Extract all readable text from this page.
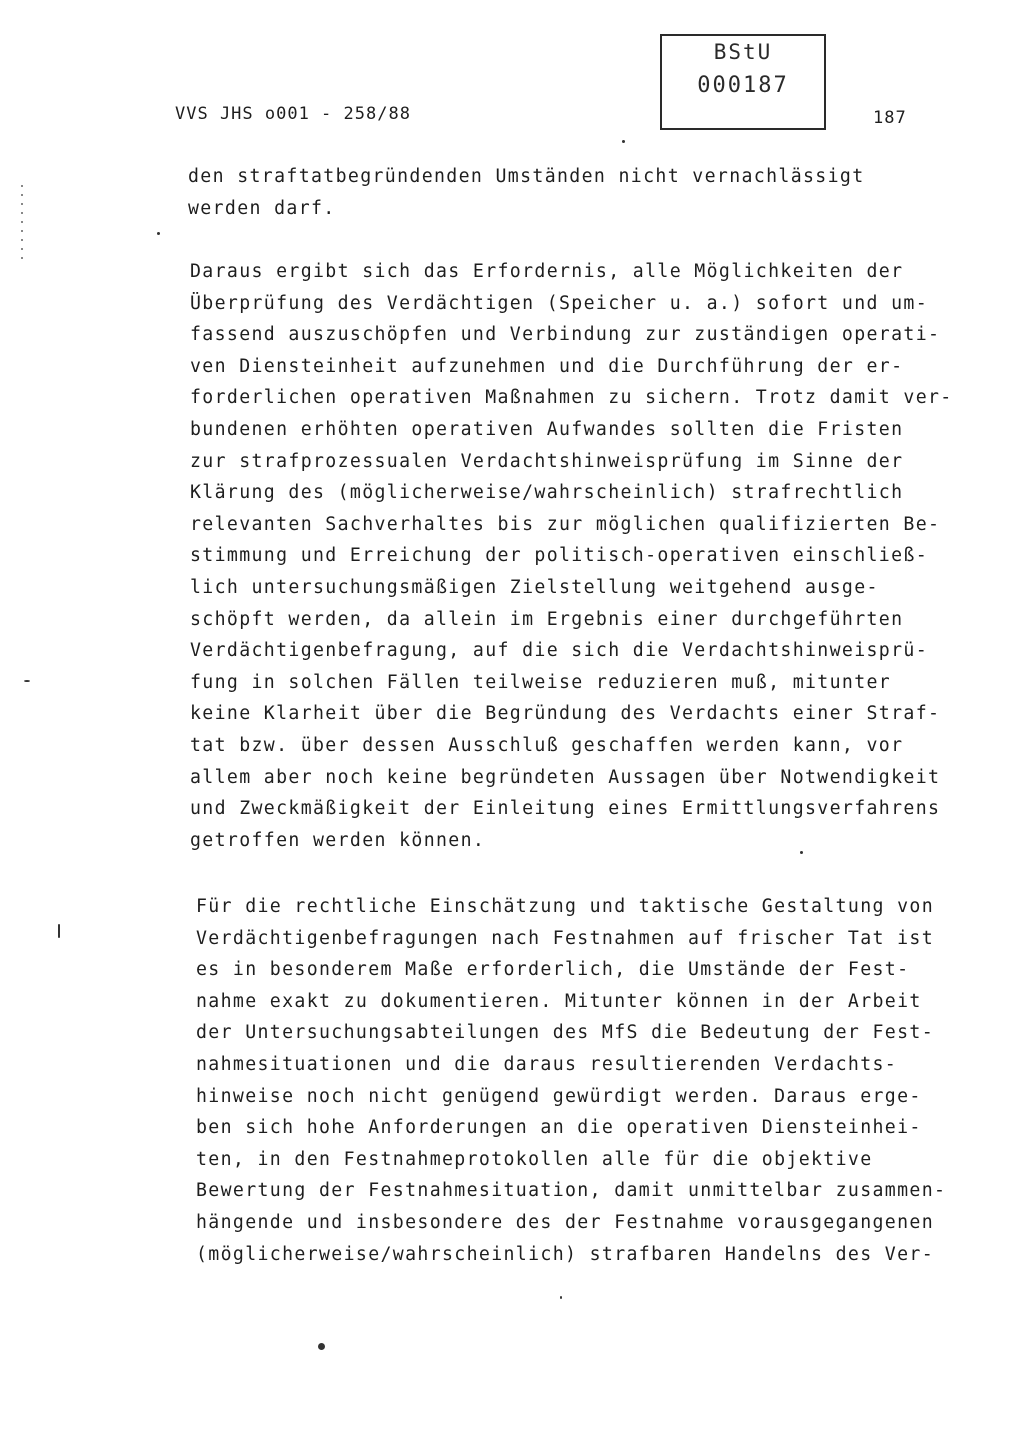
VVS JHS o001 - 258/88
BStU
000187
187
den straftatbegründenden Umständen nicht vernachlässigt
werden darf.
Daraus ergibt sich das Erfordernis, alle Möglichkeiten der
Überprüfung des Verdächtigen (Speicher u. a.) sofort und um-
fassend auszuschöpfen und Verbindung zur zuständigen operati-
ven Diensteinheit aufzunehmen und die Durchführung der er-
forderlichen operativen Maßnahmen zu sichern. Trotz damit ver-
bundenen erhöhten operativen Aufwandes sollten die Fristen
zur strafprozessualen Verdachtshinweisprüfung im Sinne der
Klärung des (möglicherweise/wahrscheinlich) strafrechtlich
relevanten Sachverhaltes bis zur möglichen qualifizierten Be-
stimmung und Erreichung der politisch-operativen einschließ-
lich untersuchungsmäßigen Zielstellung weitgehend ausge-
schöpft werden, da allein im Ergebnis einer durchgeführten
Verdächtigenbefragung, auf die sich die Verdachtshinweisprü-
fung in solchen Fällen teilweise reduzieren muß, mitunter
keine Klarheit über die Begründung des Verdachts einer Straf-
tat bzw. über dessen Ausschluß geschaffen werden kann, vor
allem aber noch keine begründeten Aussagen über Notwendigkeit
und Zweckmäßigkeit der Einleitung eines Ermittlungsverfahrens
getroffen werden können.
Für die rechtliche Einschätzung und taktische Gestaltung von
Verdächtigenbefragungen nach Festnahmen auf frischer Tat ist
es in besonderem Maße erforderlich, die Umstände der Fest-
nahme exakt zu dokumentieren. Mitunter können in der Arbeit
der Untersuchungsabteilungen des MfS die Bedeutung der Fest-
nahmesituationen und die daraus resultierenden Verdachts-
hinweise noch nicht genügend gewürdigt werden. Daraus erge-
ben sich hohe Anforderungen an die operativen Diensteinhei-
ten, in den Festnahmeprotokollen alle für die objektive
Bewertung der Festnahmesituation, damit unmittelbar zusammen-
hängende und insbesondere des der Festnahme vorausgegangenen
(möglicherweise/wahrscheinlich) strafbaren Handelns des Ver-
